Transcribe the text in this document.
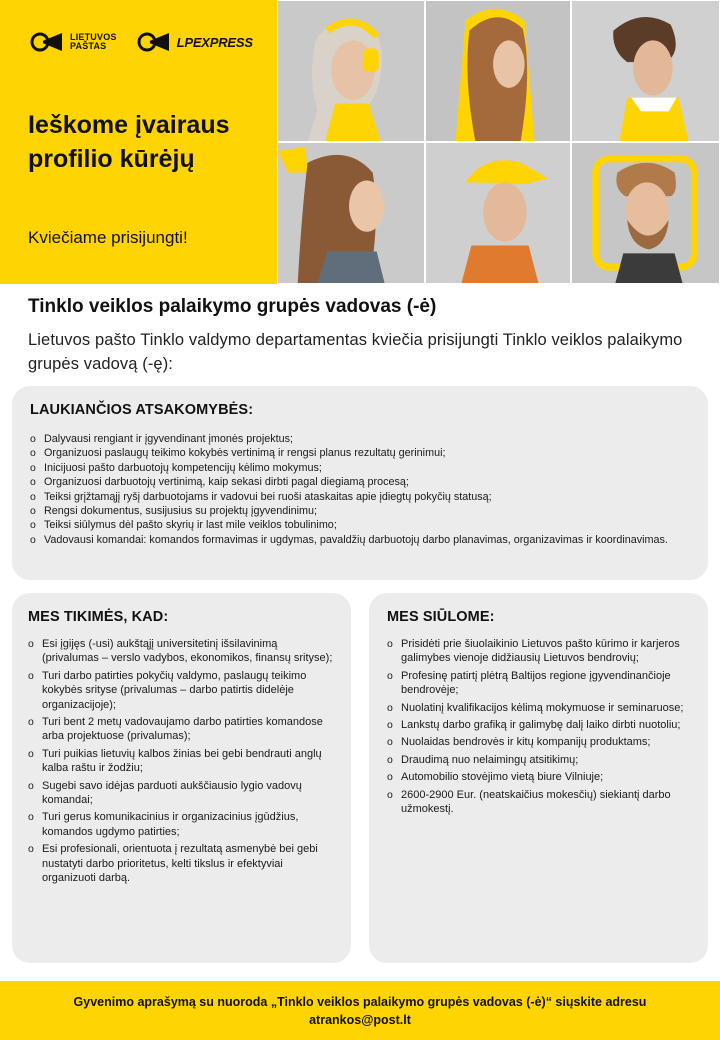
LIETUVOS
PAŠTAS	LPEXPRESS
Ieškome įvairaus profilio kūrėjų
Kviečiame prisijungti!
Tinklo veiklos palaikymo grupės vadovas (-ė)
Lietuvos pašto Tinklo valdymo departamentas kviečia prisijungti Tinklo veiklos palaikymo grupės vadovą (-ę):
LAUKIANČIOS ATSAKOMYBĖS:
o Dalyvausi rengiant ir įgyvendinant įmonės projektus;
o Organizuosi paslaugų teikimo kokybės vertinimą ir rengsi planus rezultatų gerinimui;
o Inicijuosi pašto darbuotojų kompetencijų kėlimo mokymus;
o Organizuosi darbuotojų vertinimą, kaip sekasi dirbti pagal diegiamą procesą;
o Teiksi grįžtamąjį ryšį darbuotojams ir vadovui bei ruoši ataskaitas apie įdiegtų pokyčių statusą;
o Rengsi dokumentus, susijusius su projektų įgyvendinimu;
o Teiksi siūlymus dėl pašto skyrių ir last mile veiklos tobulinimo;
o Vadovausi komandai: komandos formavimas ir ugdymas, pavaldžių darbuotojų darbo planavimas, organizavimas ir koordinavimas.
MES TIKIMĖS, KAD:
o Esi įgijęs (-usi) aukštąjį universitetinį išsilavinimą (privalumas – verslo vadybos, ekonomikos, finansų srityse);
o Turi darbo patirties pokyčių valdymo, paslaugų teikimo kokybės srityse (privalumas – darbo patirtis didelėje organizacijoje);
o Turi bent 2 metų vadovaujamo darbo patirties komandose arba projektuose (privalumas);
o Turi puikias lietuvių kalbos žinias bei gebi bendrauti anglų kalba raštu ir žodžiu;
o Sugebi savo idėjas parduoti aukščiausio lygio vadovų komandai;
o Turi gerus komunikacinius ir organizacinius įgūdžius, komandos ugdymo patirties;
o Esi profesionali, orientuota į rezultatą asmenybė bei gebi nustatyti darbo prioritetus, kelti tikslus ir efektyviai organizuoti darbą.
MES SIŪLOME:
o Prisidėti prie šiuolaikinio Lietuvos pašto kūrimo ir karjeros galimybes vienoje didžiausių Lietuvos bendrovių;
o Profesinę patirtį plėtrą Baltijos regione įgyvendinančioje bendrovėje;
o Nuolatinį kvalifikacijos kėlimą mokymuose ir seminaruose;
o Lankstų darbo grafiką ir galimybę dalį laiko dirbti nuotoliu;
o Nuolaidas bendrovės ir kitų kompanijų produktams;
o Draudimą nuo nelaimingų atsitikimų;
o Automobilio stovėjimo vietą biure Vilniuje;
o 2600-2900 Eur. (neatskaičius mokesčių) siekiantį darbo užmokestį.
Gyvenimo aprašymą su nuoroda „Tinklo veiklos palaikymo grupės vadovas (-ė)“ siųskite adresu
atrankos@post.lt
